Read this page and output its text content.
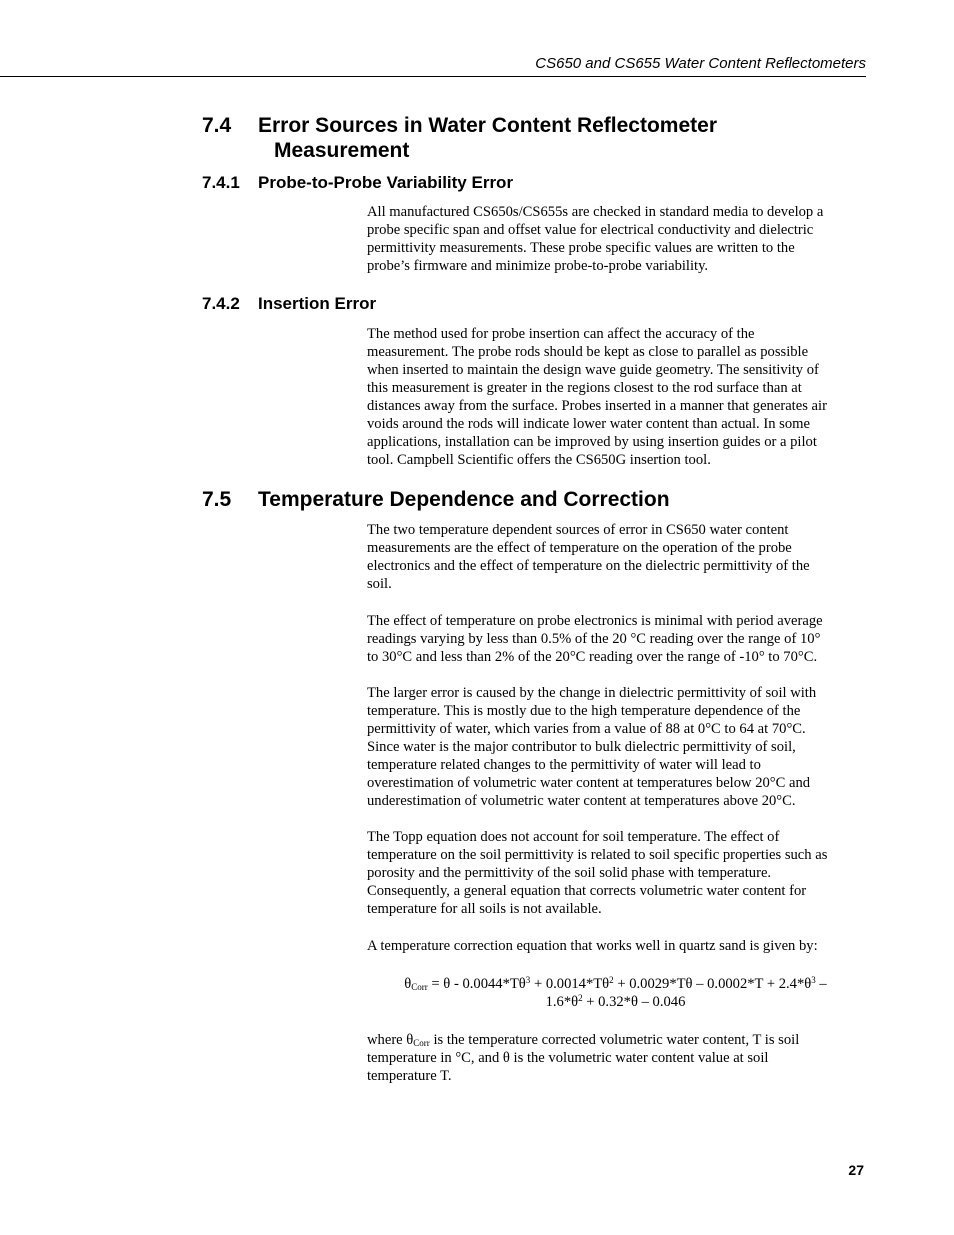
CS650 and CS655 Water Content Reflectometers
7.4 Error Sources in Water Content Reflectometer
Measurement
7.4.1 Probe-to-Probe Variability Error
All manufactured CS650s/CS655s are checked in standard media to develop a
probe specific span and offset value for electrical conductivity and dielectric
permittivity measurements. These probe specific values are written to the
probe’s firmware and minimize probe-to-probe variability.
7.4.2 Insertion Error
The method used for probe insertion can affect the accuracy of the
measurement. The probe rods should be kept as close to parallel as possible
when inserted to maintain the design wave guide geometry. The sensitivity of
this measurement is greater in the regions closest to the rod surface than at
distances away from the surface. Probes inserted in a manner that generates air
voids around the rods will indicate lower water content than actual. In some
applications, installation can be improved by using insertion guides or a pilot
tool. Campbell Scientific offers the CS650G insertion tool.
7.5 Temperature Dependence and Correction
The two temperature dependent sources of error in CS650 water content
measurements are the effect of temperature on the operation of the probe
electronics and the effect of temperature on the dielectric permittivity of the
soil.
The effect of temperature on probe electronics is minimal with period average
readings varying by less than 0.5% of the 20 °C reading over the range of 10°
to 30°C and less than 2% of the 20°C reading over the range of -10° to 70°C.
The larger error is caused by the change in dielectric permittivity of soil with
temperature. This is mostly due to the high temperature dependence of the
permittivity of water, which varies from a value of 88 at 0°C to 64 at 70°C.
Since water is the major contributor to bulk dielectric permittivity of soil,
temperature related changes to the permittivity of water will lead to
overestimation of volumetric water content at temperatures below 20°C and
underestimation of volumetric water content at temperatures above 20°C.
The Topp equation does not account for soil temperature. The effect of
temperature on the soil permittivity is related to soil specific properties such as
porosity and the permittivity of the soil solid phase with temperature.
Consequently, a general equation that corrects volumetric water content for
temperature for all soils is not available.
A temperature correction equation that works well in quartz sand is given by:
$\theta_{Corr} = \theta - 0.0044*T\theta^3 + 0.0014*T\theta^2 + 0.0029*T\theta - 0.0002*T + 2.4*\theta^3$ –
$1.6*\theta^2 + 0.32*\theta - 0.046$
where $\theta_{Corr}$ is the temperature corrected volumetric water content, T is soil
temperature in °C, and θ is the volumetric water content value at soil
temperature T.
27
